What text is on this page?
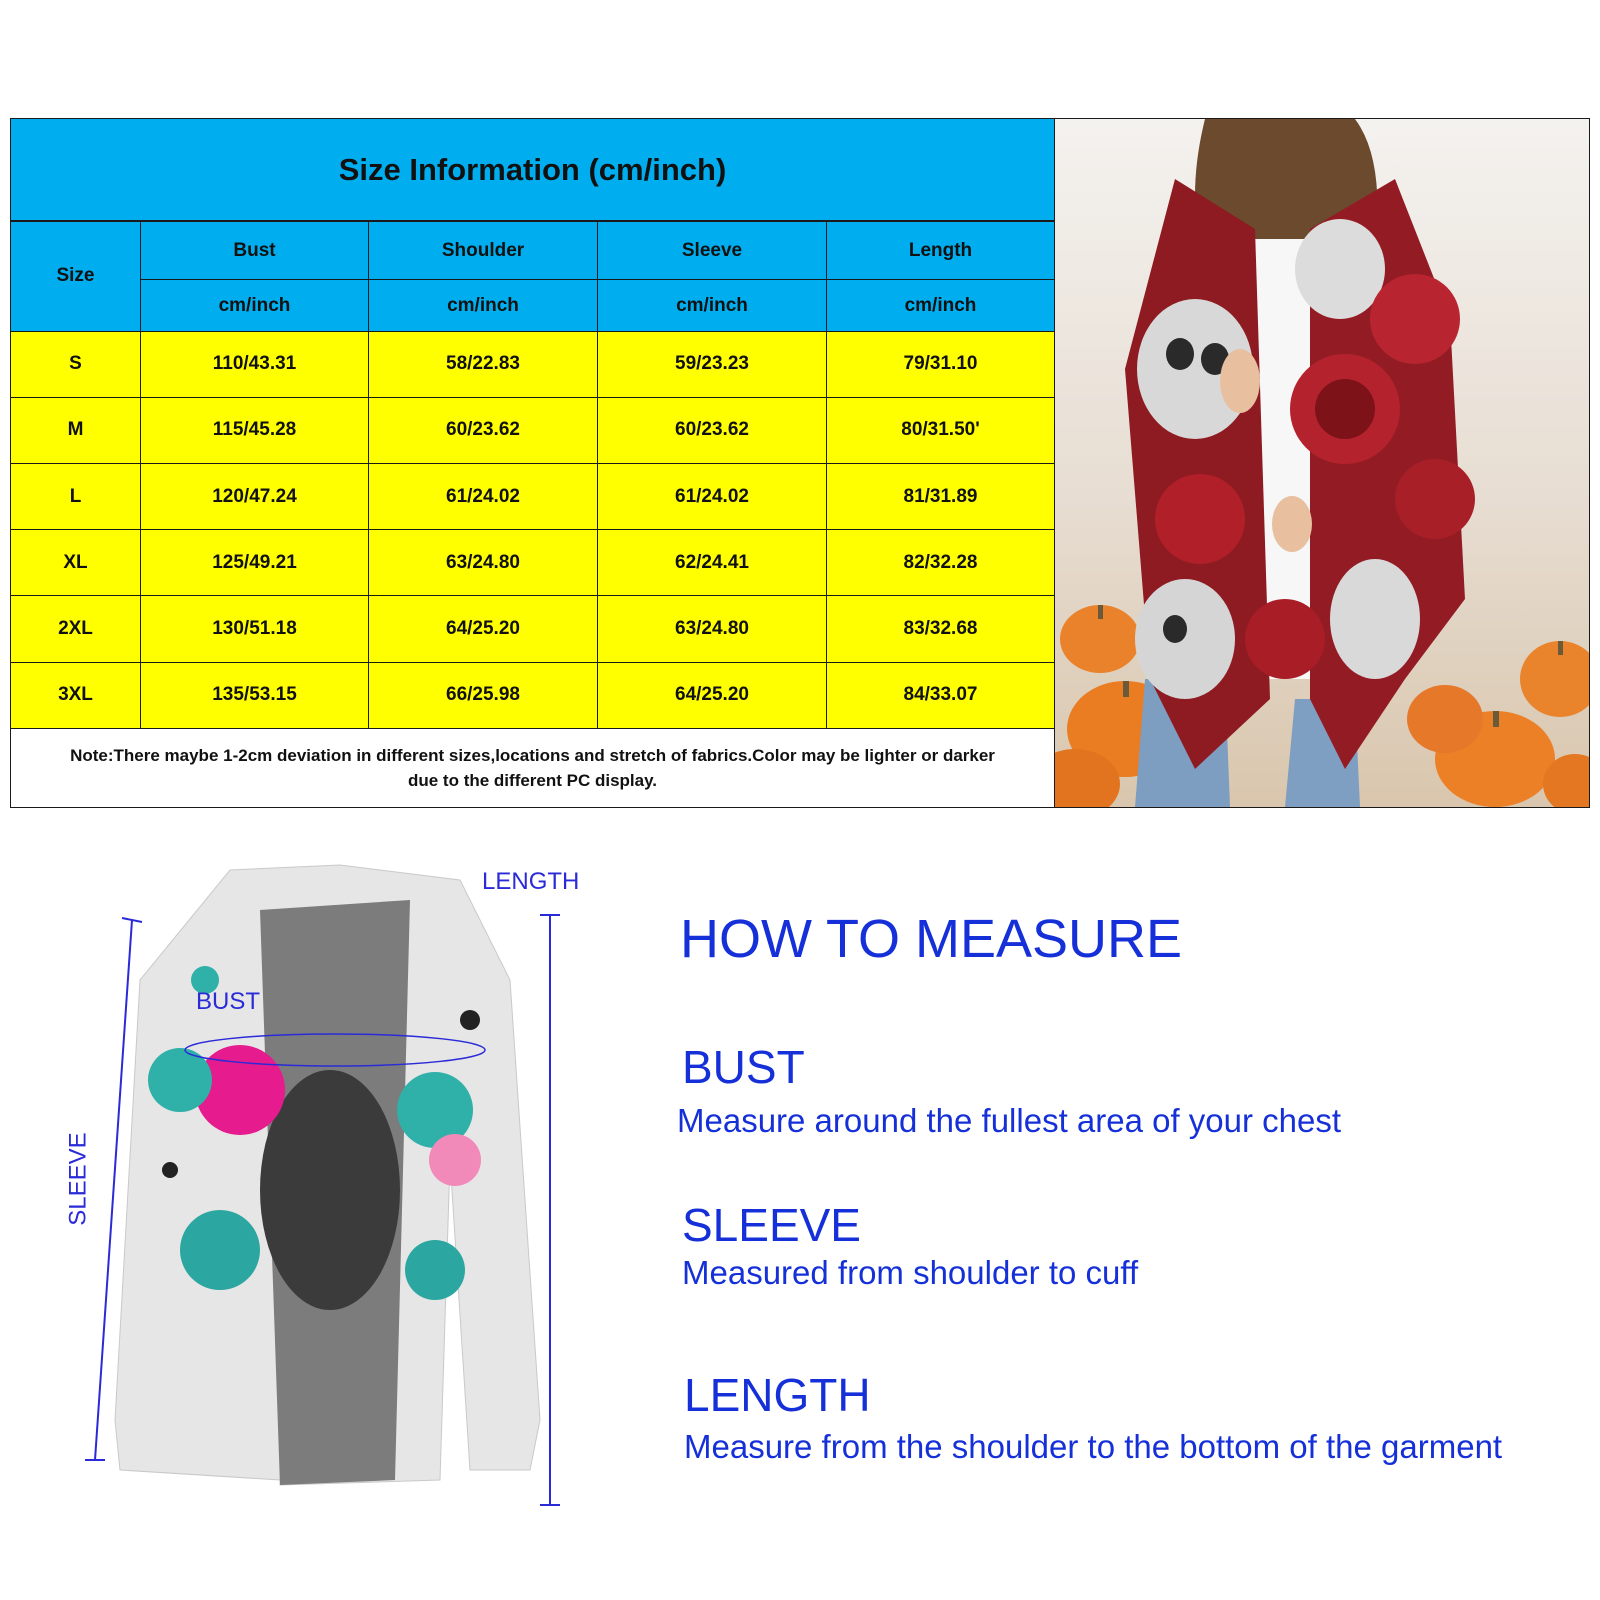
Size Information (cm/inch)				
Size	Bust	Shoulder	Sleeve	Length
	cm/inch	cm/inch	cm/inch	cm/inch
S	110/43.31	58/22.83	59/23.23	79/31.10
M	115/45.28	60/23.62	60/23.62	80/31.50'
L	120/47.24	61/24.02	61/24.02	81/31.89
XL	125/49.21	63/24.80	62/24.41	82/32.28
2XL	130/51.18	64/25.20	63/24.80	83/32.68
3XL	135/53.15	66/25.98	64/25.20	84/33.07

Note:There maybe 1-2cm deviation in different sizes,locations and stretch of fabrics.Color may be lighter or darker
due to the different PC display.				
LENGTH
BUST
SLEEVE
HOW TO MEASURE
BUST
Measure around the fullest area of your chest
SLEEVE
Measured from shoulder to cuff
LENGTH
Measure from the shoulder to the bottom of the garment
